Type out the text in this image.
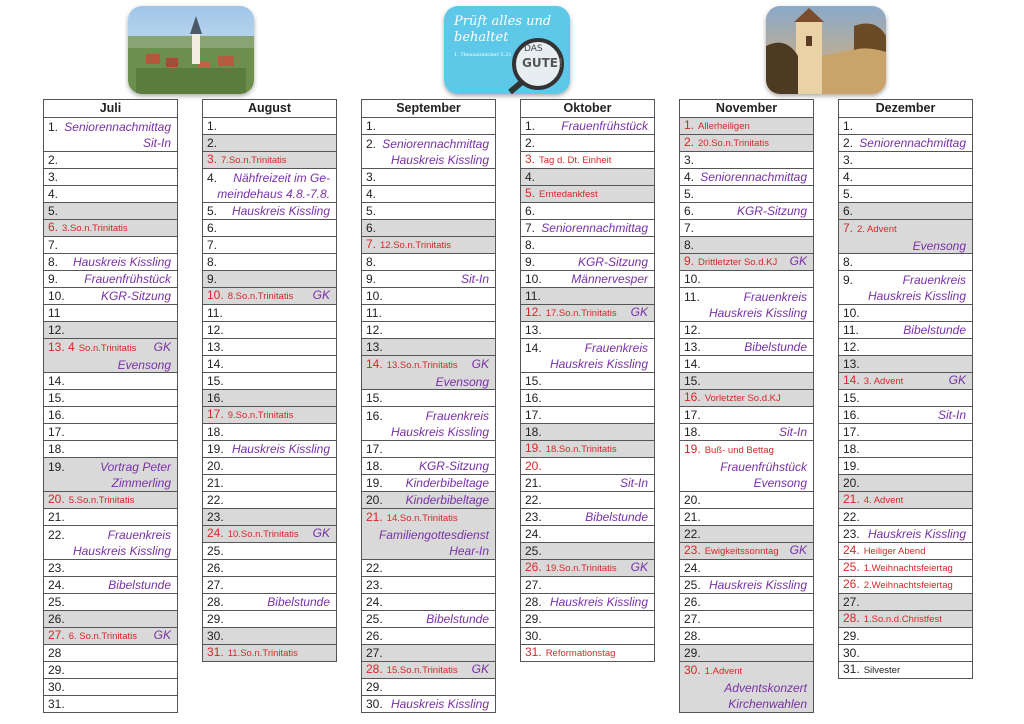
Prüft alles und
behaltet
1. Thessalonicher 5,21
DAS
GUTE!
Juli
1. Seniorennachmittag
Sit-In
2.
3.
4.
5.
6. 3.So.n.Trinitatis
7.
8. Hauskreis Kissling
9. Frauenfrühstück
10.	KGR-Sitzung
11
12.
13. 4 So.n.Trinitatis GK
Evensong
14.
15.
16.
17.
18.
19.	Vortrag Peter
Zimmerling
20. 5.So.n.Trinitatis
21.
22.	Frauenkreis
Hauskreis Kissling
23.
24.	Bibelstunde
25.
26.
27. 6. So.n.Trinitatis GK
28
29.
30.
31.
August
1.
2.
3. 7.So.n.Trinitatis
4. Nähfreizeit im Ge-
meindehaus 4.8.-7.8.
5. Hauskreis Kissling
6.
7.
8.
9.
10. 8.So.n.Trinitatis GK
11.
12.
13.
14.
15.
16.
17. 9.So.n.Trinitatis
18.
19. Hauskreis Kissling
20.
21.
22.
23.
24. 10.So.n.Trinitatis GK
25.
26.
27.
28.	Bibelstunde
29.
30.
31. 11.So.n.Trinitatis
September
1.
2. Seniorennachmittag
Hauskreis Kissling
3.
4.
5.
6.
7. 12.So.n.Trinitatis
8.
9.	Sit-In
10.
11.
12.
13.
14. 13.So.n.Trinitatis GK
Evensong
15.
16.	Frauenkreis
Hauskreis Kissling
17.
18.	KGR-Sitzung
19. Kinderbibeltage
20. Kinderbibeltage
21. 14.So.n.Trinitatis
Familiengottesdienst
Hear-In
22.
23.
24.
25.	Bibelstunde
26.
27.
28. 15.So.n.Trinitatis GK
29.
30. Hauskreis Kissling
Oktober
1. Frauenfrühstück
2.
3. Tag d. Dt. Einheit
4.
5. Erntedankfest
6.
7. Seniorennachmittag
8.
9.	KGR-Sitzung
10. Männervesper
11.
12. 17.So.n.Trinitatis GK
13.
14.	Frauenkreis
Hauskreis Kissling
15.
16.
17.
18.
19. 18.So.n.Trinitatis
20.
21.	Sit-In
22.
23.	Bibelstunde
24.
25.
26. 19.So.n.Trinitatis GK
27.
28. Hauskreis Kissling
29.
30.
31. Reformationstag
November
1. Allerheiligen
2. 20.So.n.Trinitatis
3.
4. Seniorennachmittag
5.
6.	KGR-Sitzung
7.
8.
9. Drittletzter So.d.KJ GK
10.
11.	Frauenkreis
Hauskreis Kissling
12.
13.	Bibelstunde
14.
15.
16. Vorletzter So.d.KJ
17.
18.	Sit-In
19. Buß- und Bettag
Frauenfrühstück
Evensong
20.
21.
22.
23. Ewigkeitssonntag GK
24.
25. Hauskreis Kissling
26.
27.
28.
29.
30. 1.Advent
Adventskonzert
Kirchenwahlen
Dezember
1.
2. Seniorennachmittag
3.
4.
5.
6.
7. 2. Advent
Evensong
8.
9.	Frauenkreis
Hauskreis Kissling
10.
11.	Bibelstunde
12.
13.
14. 3. Advent	GK
15.
16.	Sit-In
17.
18.
19.
20.
21. 4. Advent
22.
23. Hauskreis Kissling
24. Heiliger Abend
25. 1.Weihnachtsfeiertag
26. 2.Weihnachtsfeiertag
27.
28. 1.So.n.d.Christfest
29.
30.
31. Silvester
